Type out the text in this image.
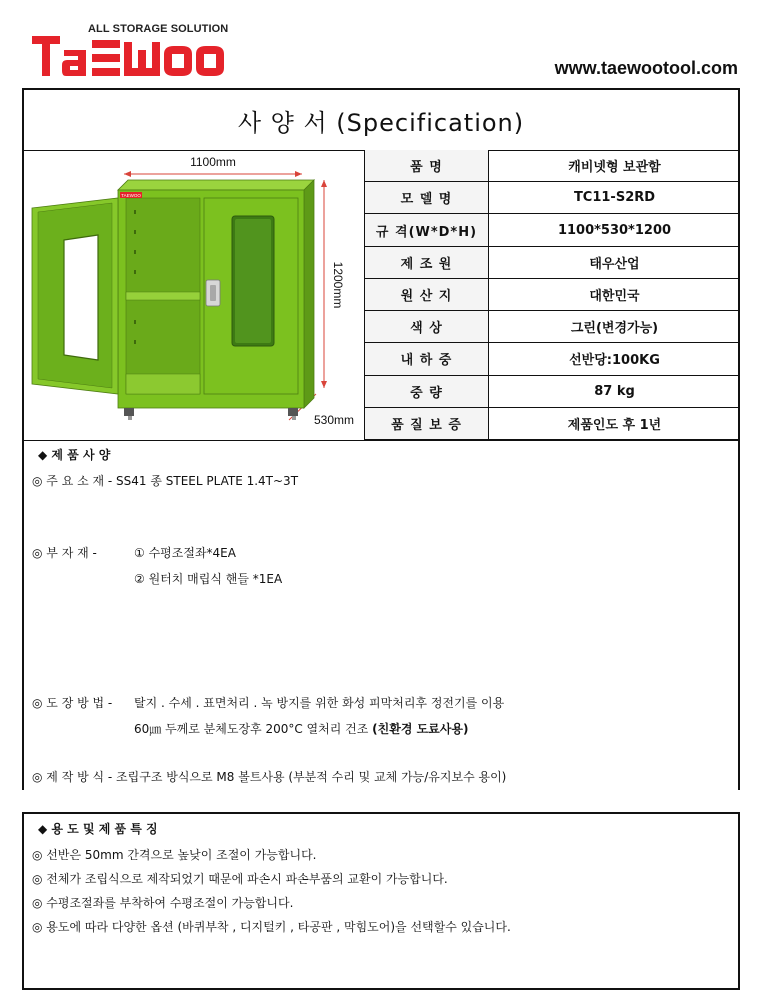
ALL STORAGE SOLUTION
www.taewootool.com
사 양 서 (Specification)
1100mm
1200mm
530mm
TAEWOO
품 명	캐비넷형 보관함
모 델 명	TC11-S2RD
규 격(W*D*H)	1100*530*1200
제 조 원	태우산업
원 산 지	대한민국
색 상	그린(변경가능)
내 하 중	선반당:100KG
중 량	87 kg
품 질 보 증	제품인도 후 1년
◆ 제 품 사 양
◎ 주 요 소 재 - SS41 종 STEEL PLATE 1.4T~3T
◎ 부 자 재 -	① 수평조절좌*4EA
② 원터치 매립식 핸들 *1EA
◎ 도 장 방 법 - 탈지 . 수세 . 표면처리 . 녹 방지를 위한 화성 피막처리후 정전기를 이용
60㎛ 두께로 분체도장후 200°C 열처리 건조 (친환경 도료사용)
◎ 제 작 방 식 - 조립구조 방식으로 M8 볼트사용 (부분적 수리 및 교체 가능/유지보수 용이)
◆ 용 도 및 제 품 특 징
◎ 선반은 50mm 간격으로 높낮이 조절이 가능합니다.
◎ 전체가 조립식으로 제작되었기 때문에 파손시 파손부품의 교환이 가능합니다.
◎ 수평조절좌를 부착하여 수평조절이 가능합니다.
◎ 용도에 따라 다양한 옵션 (바퀴부착 , 디지털키 , 타공판 , 막힘도어)을 선택할수 있습니다.
